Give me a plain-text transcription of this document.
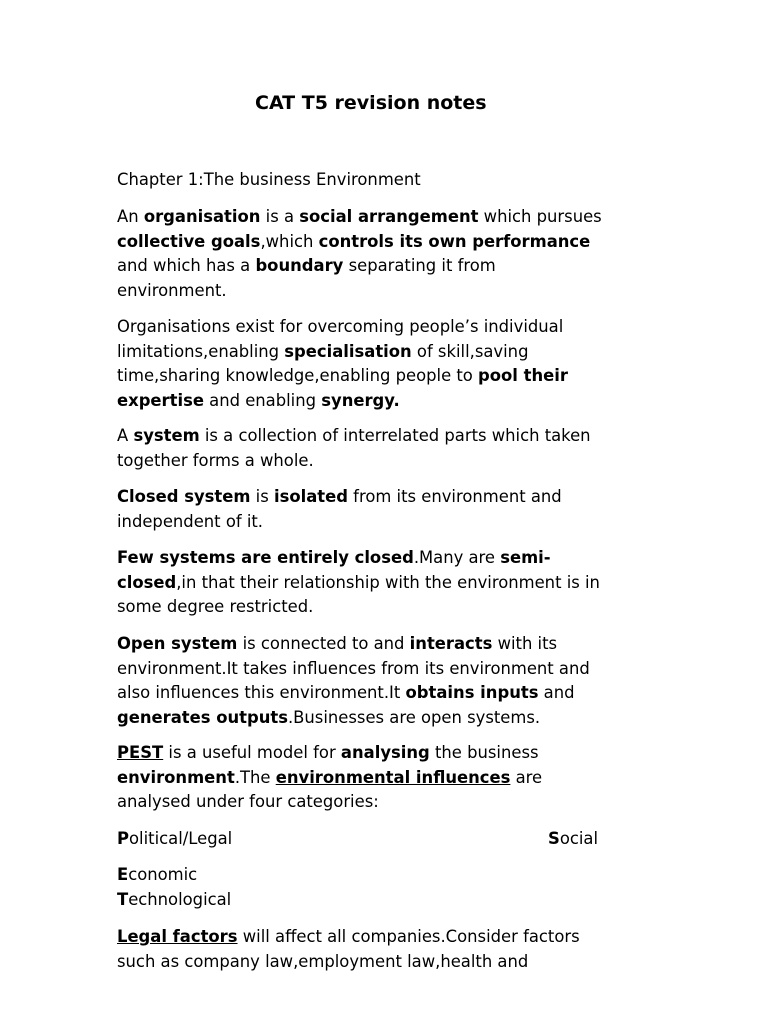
CAT T5 revision notes
Chapter 1:The business Environment
An organisation is a social arrangement which pursues
collective goals,which controls its own performance
and which has a boundary separating it from
environment.
Organisations exist for overcoming people’s individual
limitations,enabling specialisation of skill,saving
time,sharing knowledge,enabling people to pool their
expertise and enabling synergy.
A system is a collection of interrelated parts which taken
together forms a whole.
Closed system is isolated from its environment and
independent of it.
Few systems are entirely closed.Many are semi-
closed,in that their relationship with the environment is in
some degree restricted.
Open system is connected to and interacts with its
environment.It takes influences from its environment and
also influences this environment.It obtains inputs and
generates outputs.Businesses are open systems.
PEST is a useful model for analysing the business
environment.The environmental influences are
analysed under four categories:
Political/Legal	Social
Economic
Technological
Legal factors will affect all companies.Consider factors
such as company law,employment law,health and
